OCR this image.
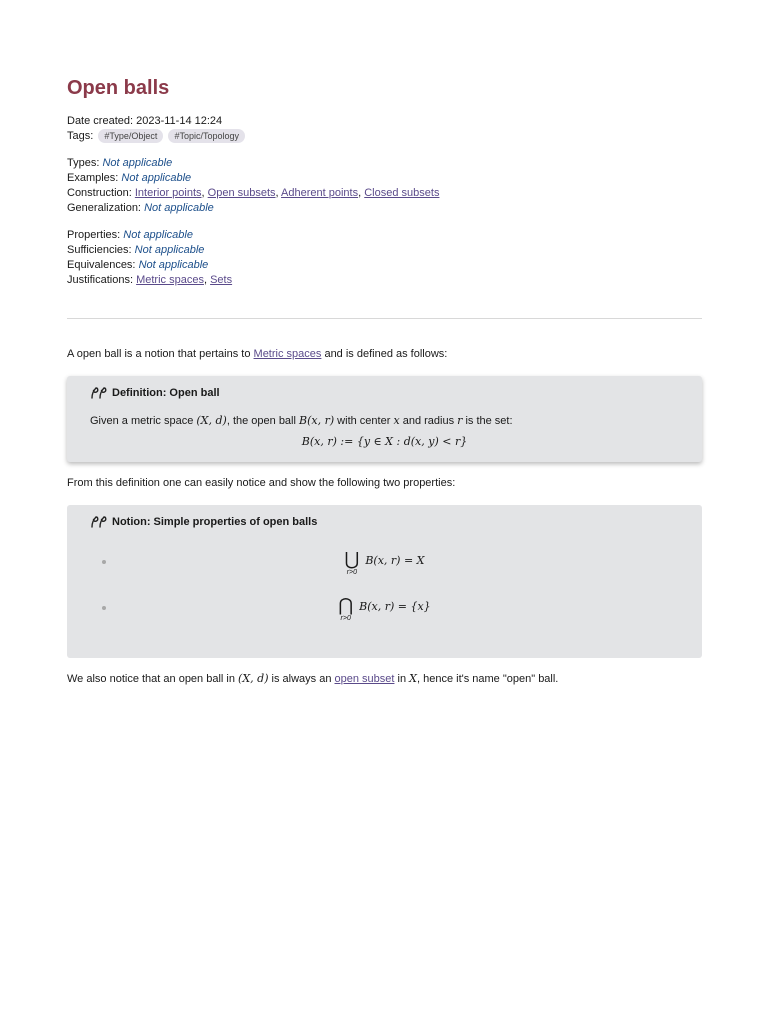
Open balls

Date created: 2023-11-14 12:24

Tags: #Type/Object #Topic/Topology

Types: Not applicable

Examples: Not applicable

Construction: Interior points, Open subsets, Adherent points, Closed subsets

Generalization: Not applicable

Properties: Not applicable

Sufficiencies: Not applicable

Equivalences: Not applicable

Justifications: Metric spaces, Sets

A open ball is a notion that pertains to Metric spaces and is defined as follows:

Definition: Open ball

Given a metric space (X, d), the open ball B(x, r) with center x and radius r is the set:

B(x, r) := {y ∈ X : d(x, y) < r}

From this definition one can easily notice and show the following two properties:

Notion: Simple properties of open balls
⋃
r>0
B(x, r) = X
⋂
r>0
B(x, r) = {x}

We also notice that an open ball in (X, d) is always an open subset in X, hence it's name "open" ball.
